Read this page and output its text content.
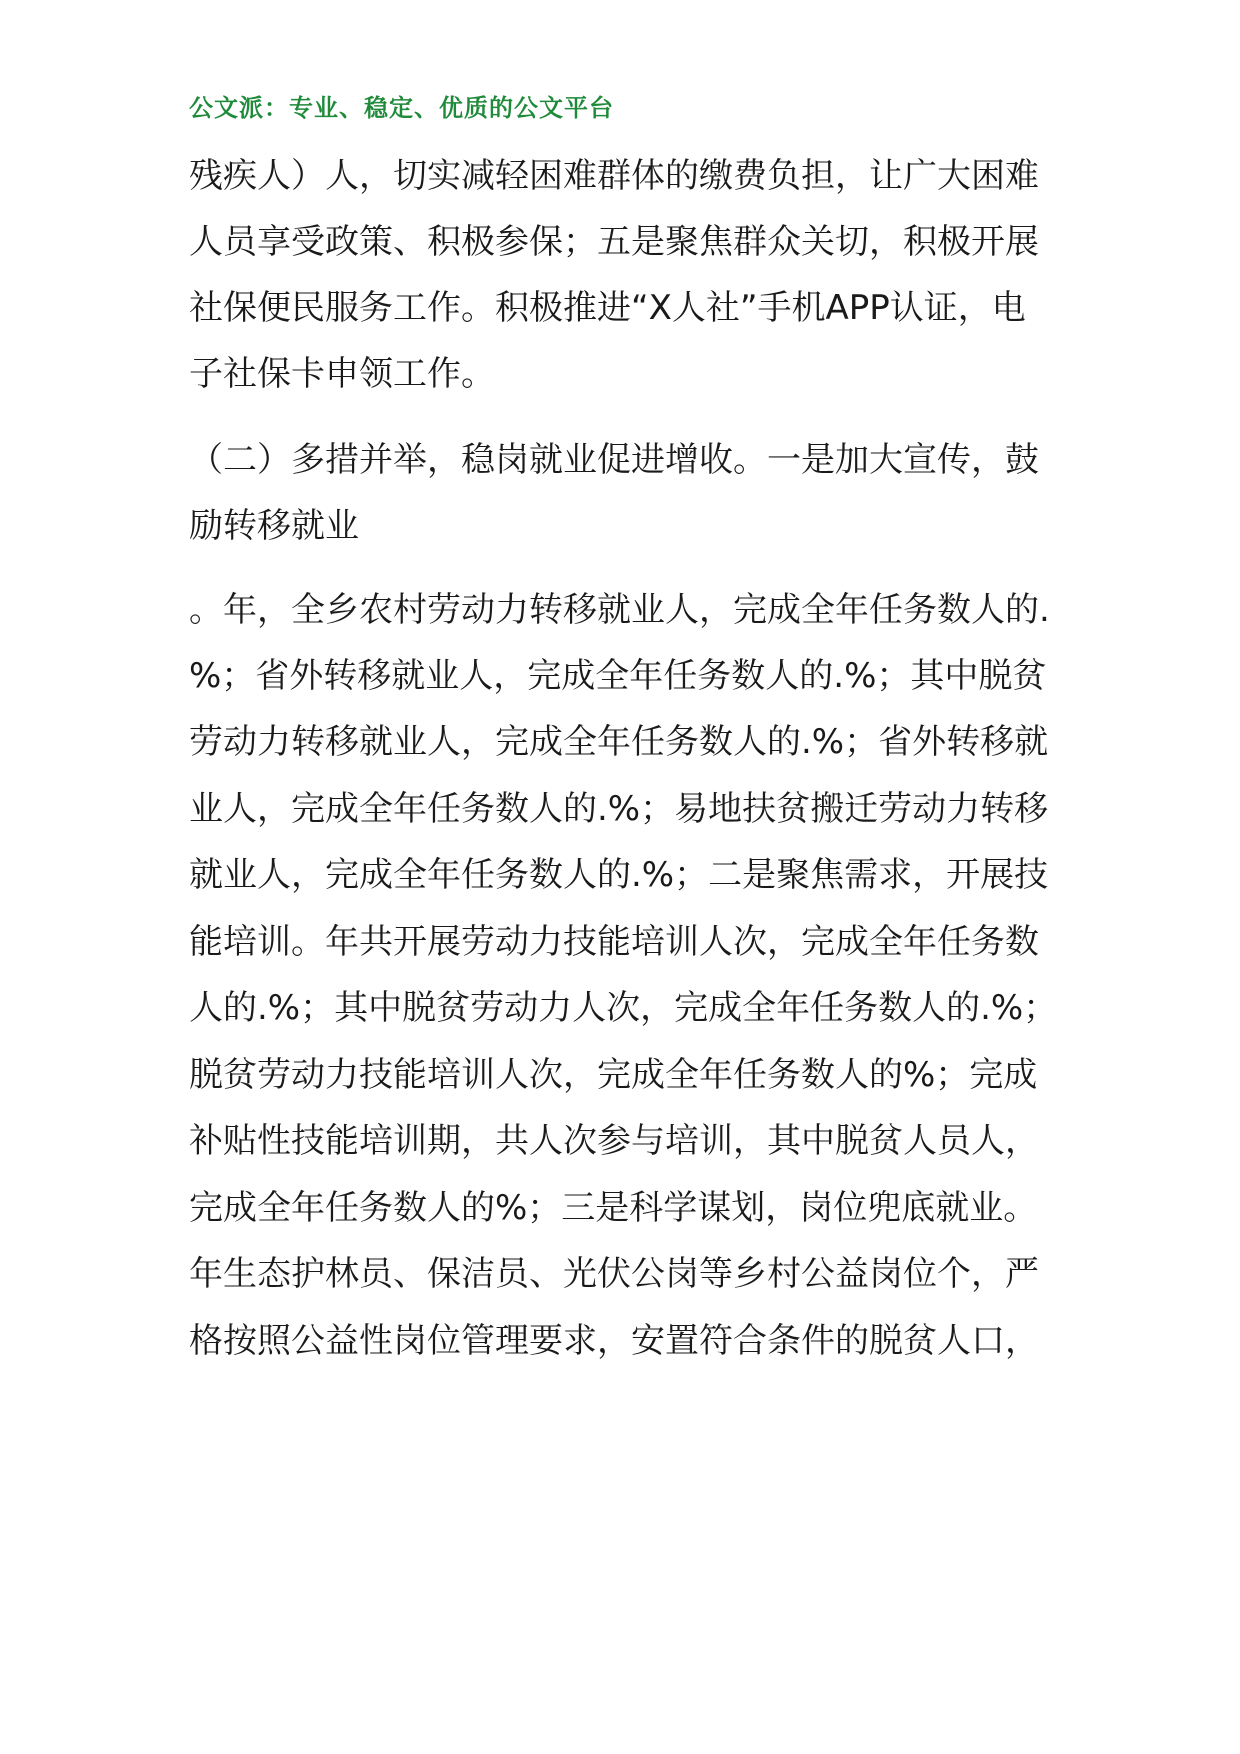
公文派：专业、稳定、优质的公文平台
残疾人）人，切实减轻困难群体的缴费负担，让广大困难
人员享受政策、积极参保；五是聚焦群众关切，积极开展
社保便民服务工作。积极推进“X人社”手机APP认证，电
子社保卡申领工作。
（二）多措并举，稳岗就业促进增收。一是加大宣传，鼓
励转移就业
。年，全乡农村劳动力转移就业人，完成全年任务数人的.
%；省外转移就业人，完成全年任务数人的.%；其中脱贫
劳动力转移就业人，完成全年任务数人的.%；省外转移就
业人，完成全年任务数人的.%；易地扶贫搬迁劳动力转移
就业人，完成全年任务数人的.%；二是聚焦需求，开展技
能培训。年共开展劳动力技能培训人次，完成全年任务数
人的.%；其中脱贫劳动力人次，完成全年任务数人的.%；
脱贫劳动力技能培训人次，完成全年任务数人的%；完成
补贴性技能培训期，共人次参与培训，其中脱贫人员人，
完成全年任务数人的%；三是科学谋划，岗位兜底就业。
年生态护林员、保洁员、光伏公岗等乡村公益岗位个，严
格按照公益性岗位管理要求，安置符合条件的脱贫人口，
